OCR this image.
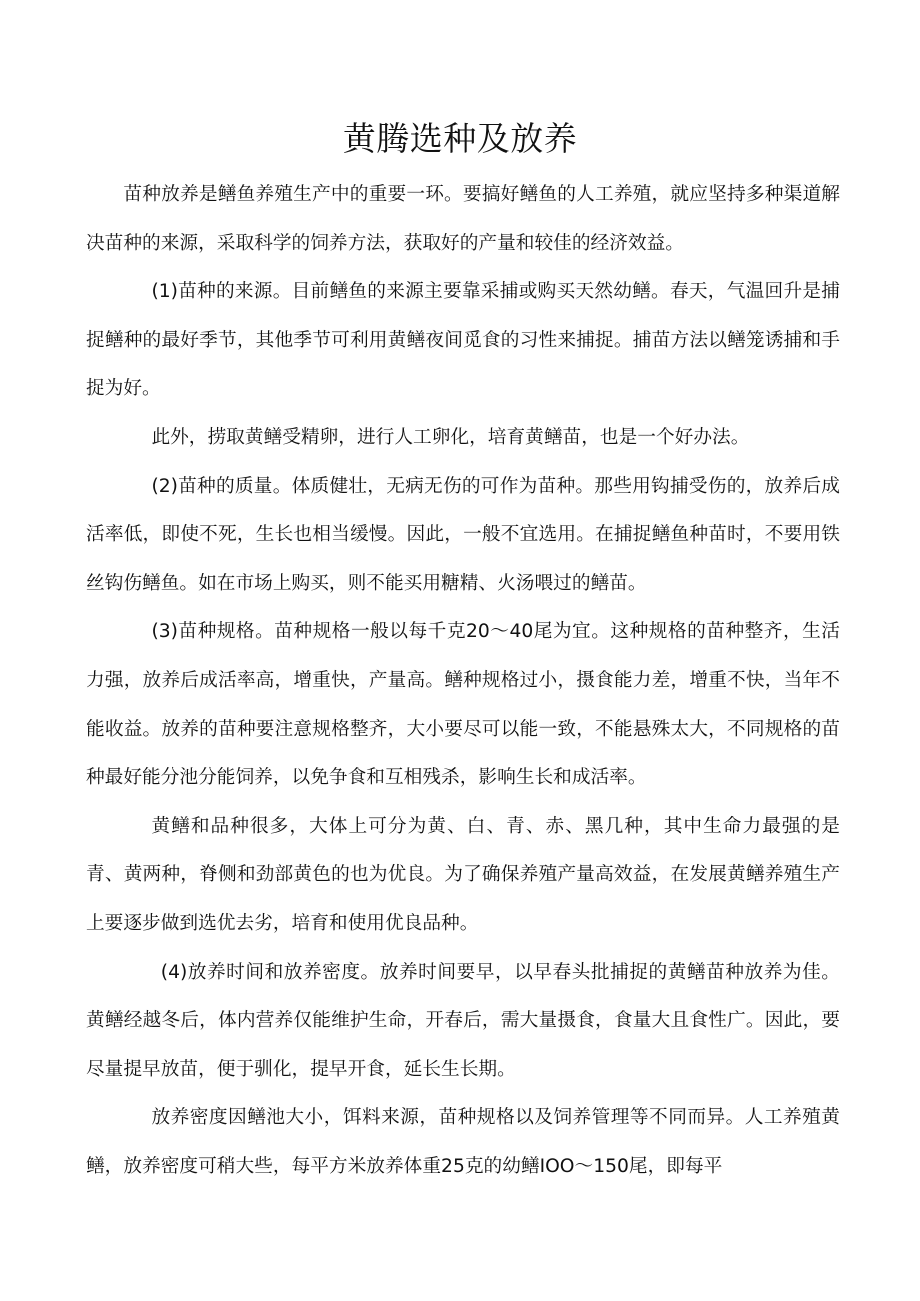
黄腾选种及放养

苗种放养是鳝鱼养殖生产中的重要一环。要搞好鳝鱼的人工养殖，就应坚持多种渠道解决苗种的来源，采取科学的饲养方法，获取好的产量和较佳的经济效益。

(1)苗种的来源。目前鳝鱼的来源主要靠采捕或购买天然幼鳝。春天，气温回升是捕捉鳝种的最好季节，其他季节可利用黄鳝夜间觅食的习性来捕捉。捕苗方法以鳝笼诱捕和手捉为好。

此外，捞取黄鳝受精卵，进行人工卵化，培育黄鳝苗，也是一个好办法。

(2)苗种的质量。体质健壮，无病无伤的可作为苗种。那些用钩捕受伤的，放养后成活率低，即使不死，生长也相当缓慢。因此，一般不宜选用。在捕捉鳝鱼种苗时，不要用铁丝钩伤鳝鱼。如在市场上购买，则不能买用糖精、火汤喂过的鳝苗。

(3)苗种规格。苗种规格一般以每千克20～40尾为宜。这种规格的苗种整齐，生活力强，放养后成活率高，增重快，产量高。鳝种规格过小，摄食能力差，增重不快，当年不能收益。放养的苗种要注意规格整齐，大小要尽可以能一致，不能悬殊太大，不同规格的苗种最好能分池分能饲养，以免争食和互相残杀，影响生长和成活率。

黄鳝和品种很多，大体上可分为黄、白、青、赤、黑几种，其中生命力最强的是青、黄两种，脊侧和劲部黄色的也为优良。为了确保养殖产量高效益，在发展黄鳝养殖生产上要逐步做到选优去劣，培育和使用优良品种。

(4)放养时间和放养密度。放养时间要早，以早春头批捕捉的黄鳝苗种放养为佳。黄鳝经越冬后，体内营养仅能维护生命，开春后，需大量摄食，食量大且食性广。因此，要尽量提早放苗，便于驯化，提早开食，延长生长期。

放养密度因鳝池大小，饵料来源，苗种规格以及饲养管理等不同而异。人工养殖黄鳝，放养密度可稍大些，每平方米放养体重25克的幼鳝IOO～150尾，即每平
